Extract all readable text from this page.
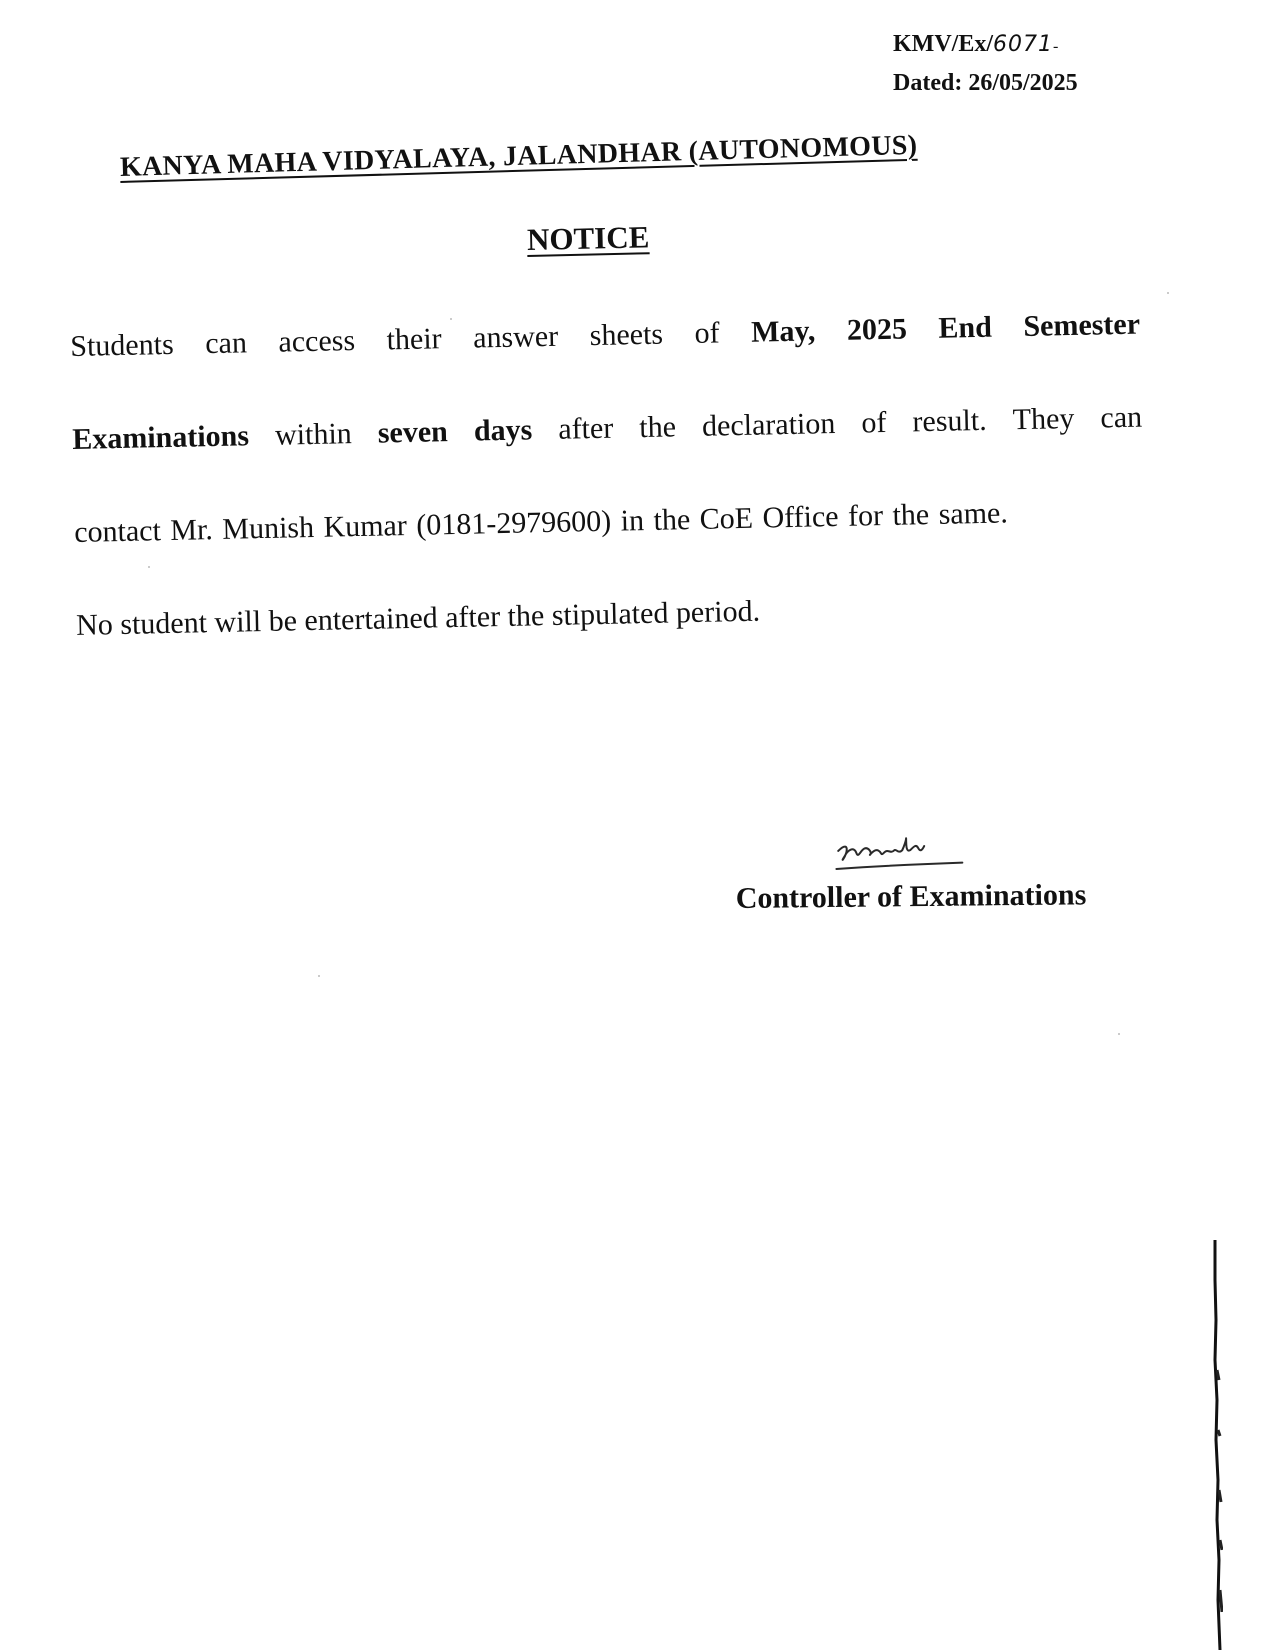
KMV/Ex/6071-
Dated: 26/05/2025
KANYA MAHA VIDYALAYA, JALANDHAR (AUTONOMOUS)
NOTICE
Students can access their answer sheets of May, 2025 End Semester
Examinations within seven days after the declaration of result. They can
contact Mr. Munish Kumar (0181-2979600) in the CoE Office for the same.
No student will be entertained after the stipulated period.
Controller of Examinations
